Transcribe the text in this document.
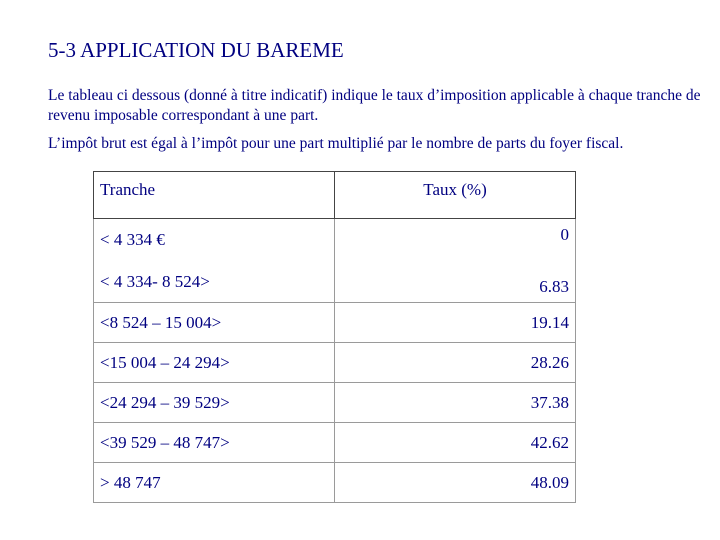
5-3 APPLICATION DU BAREME
Le tableau ci dessous (donné à titre indicatif) indique le taux d’imposition applicable à chaque tranche de revenu imposable correspondant à une part.
L’impôt brut est égal à l’impôt pour une part multiplié par le nombre de parts du foyer fiscal.
Tranche	Taux (%)
< 4 334 €	0
< 4 334- 8 524>	6.83
<8 524 – 15 004>	19.14
<15 004 – 24 294>	28.26
<24 294 – 39 529>	37.38
<39 529 – 48 747>	42.62
> 48 747	48.09
